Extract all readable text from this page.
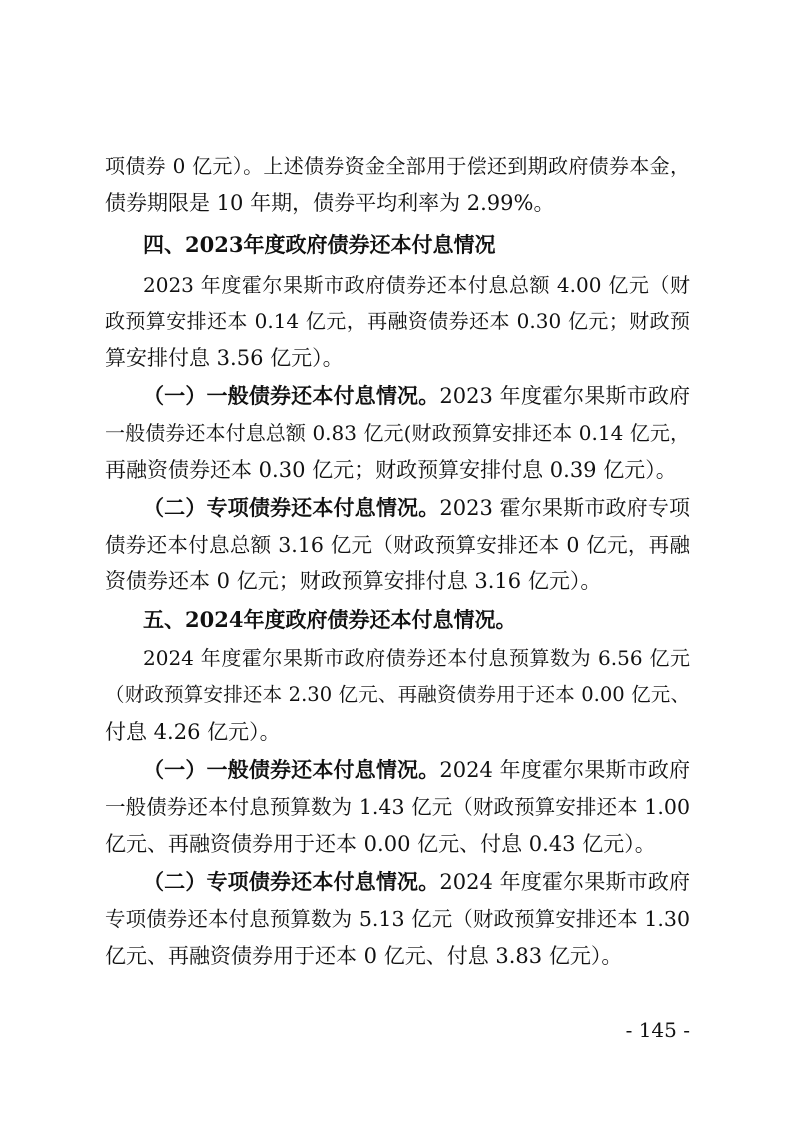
项债券 0 亿元）。上述债券资金全部用于偿还到期政府债券本金，
债券期限是 10 年期，债券平均利率为 2.99%。
四、2023年度政府债券还本付息情况
2023 年度霍尔果斯市政府债券还本付息总额 4.00 亿元（财
政预算安排还本 0.14 亿元，再融资债券还本 0.30 亿元；财政预
算安排付息 3.56 亿元）。
（一）一般债券还本付息情况。2023 年度霍尔果斯市政府
一般债券还本付息总额 0.83 亿元(财政预算安排还本 0.14 亿元，
再融资债券还本 0.30 亿元；财政预算安排付息 0.39 亿元）。
（二）专项债券还本付息情况。2023 霍尔果斯市政府专项
债券还本付息总额 3.16 亿元（财政预算安排还本 0 亿元，再融
资债券还本 0 亿元；财政预算安排付息 3.16 亿元）。
五、2024年度政府债券还本付息情况。
2024 年度霍尔果斯市政府债券还本付息预算数为 6.56 亿元
（财政预算安排还本 2.30 亿元、再融资债券用于还本 0.00 亿元、
付息 4.26 亿元）。
（一）一般债券还本付息情况。2024 年度霍尔果斯市政府
一般债券还本付息预算数为 1.43 亿元（财政预算安排还本 1.00
亿元、再融资债券用于还本 0.00 亿元、付息 0.43 亿元）。
（二）专项债券还本付息情况。2024 年度霍尔果斯市政府
专项债券还本付息预算数为 5.13 亿元（财政预算安排还本 1.30
亿元、再融资债券用于还本 0 亿元、付息 3.83 亿元）。
- 145 -
